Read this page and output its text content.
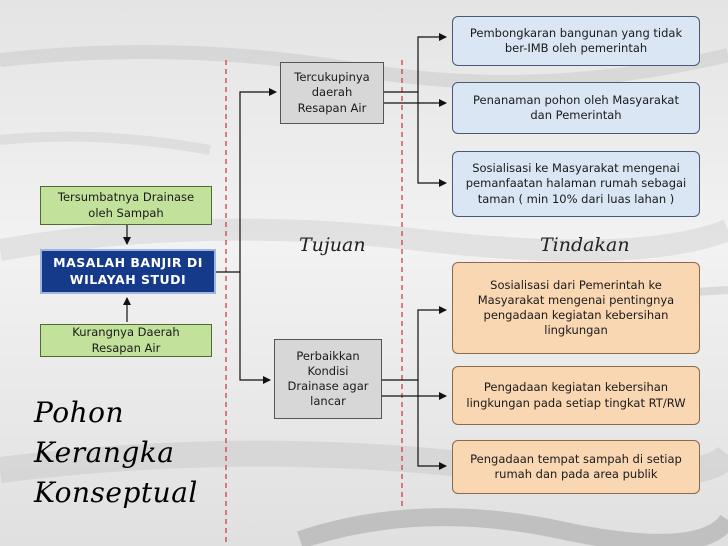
Tersumbatnya Drainase oleh Sampah
MASALAH BANJIR DI WILAYAH STUDI
Kurangnya Daerah Resapan Air
Tercukupinya daerah Resapan Air
Perbaikkan Kondisi Drainase agar lancar
Tujuan	Tindakan
Pembongkaran bangunan yang tidak ber-IMB oleh pemerintah
Penanaman pohon oleh Masyarakat dan Pemerintah
Sosialisasi ke Masyarakat mengenai pemanfaatan halaman rumah sebagai taman ( min 10% dari luas lahan )
Sosialisasi dari Pemerintah ke Masyarakat mengenai pentingnya pengadaan kegiatan kebersihan lingkungan
Pengadaan kegiatan kebersihan lingkungan pada setiap tingkat RT/RW
Pengadaan tempat sampah di setiap rumah dan pada area publik
Pohon
Kerangka
Konseptual
